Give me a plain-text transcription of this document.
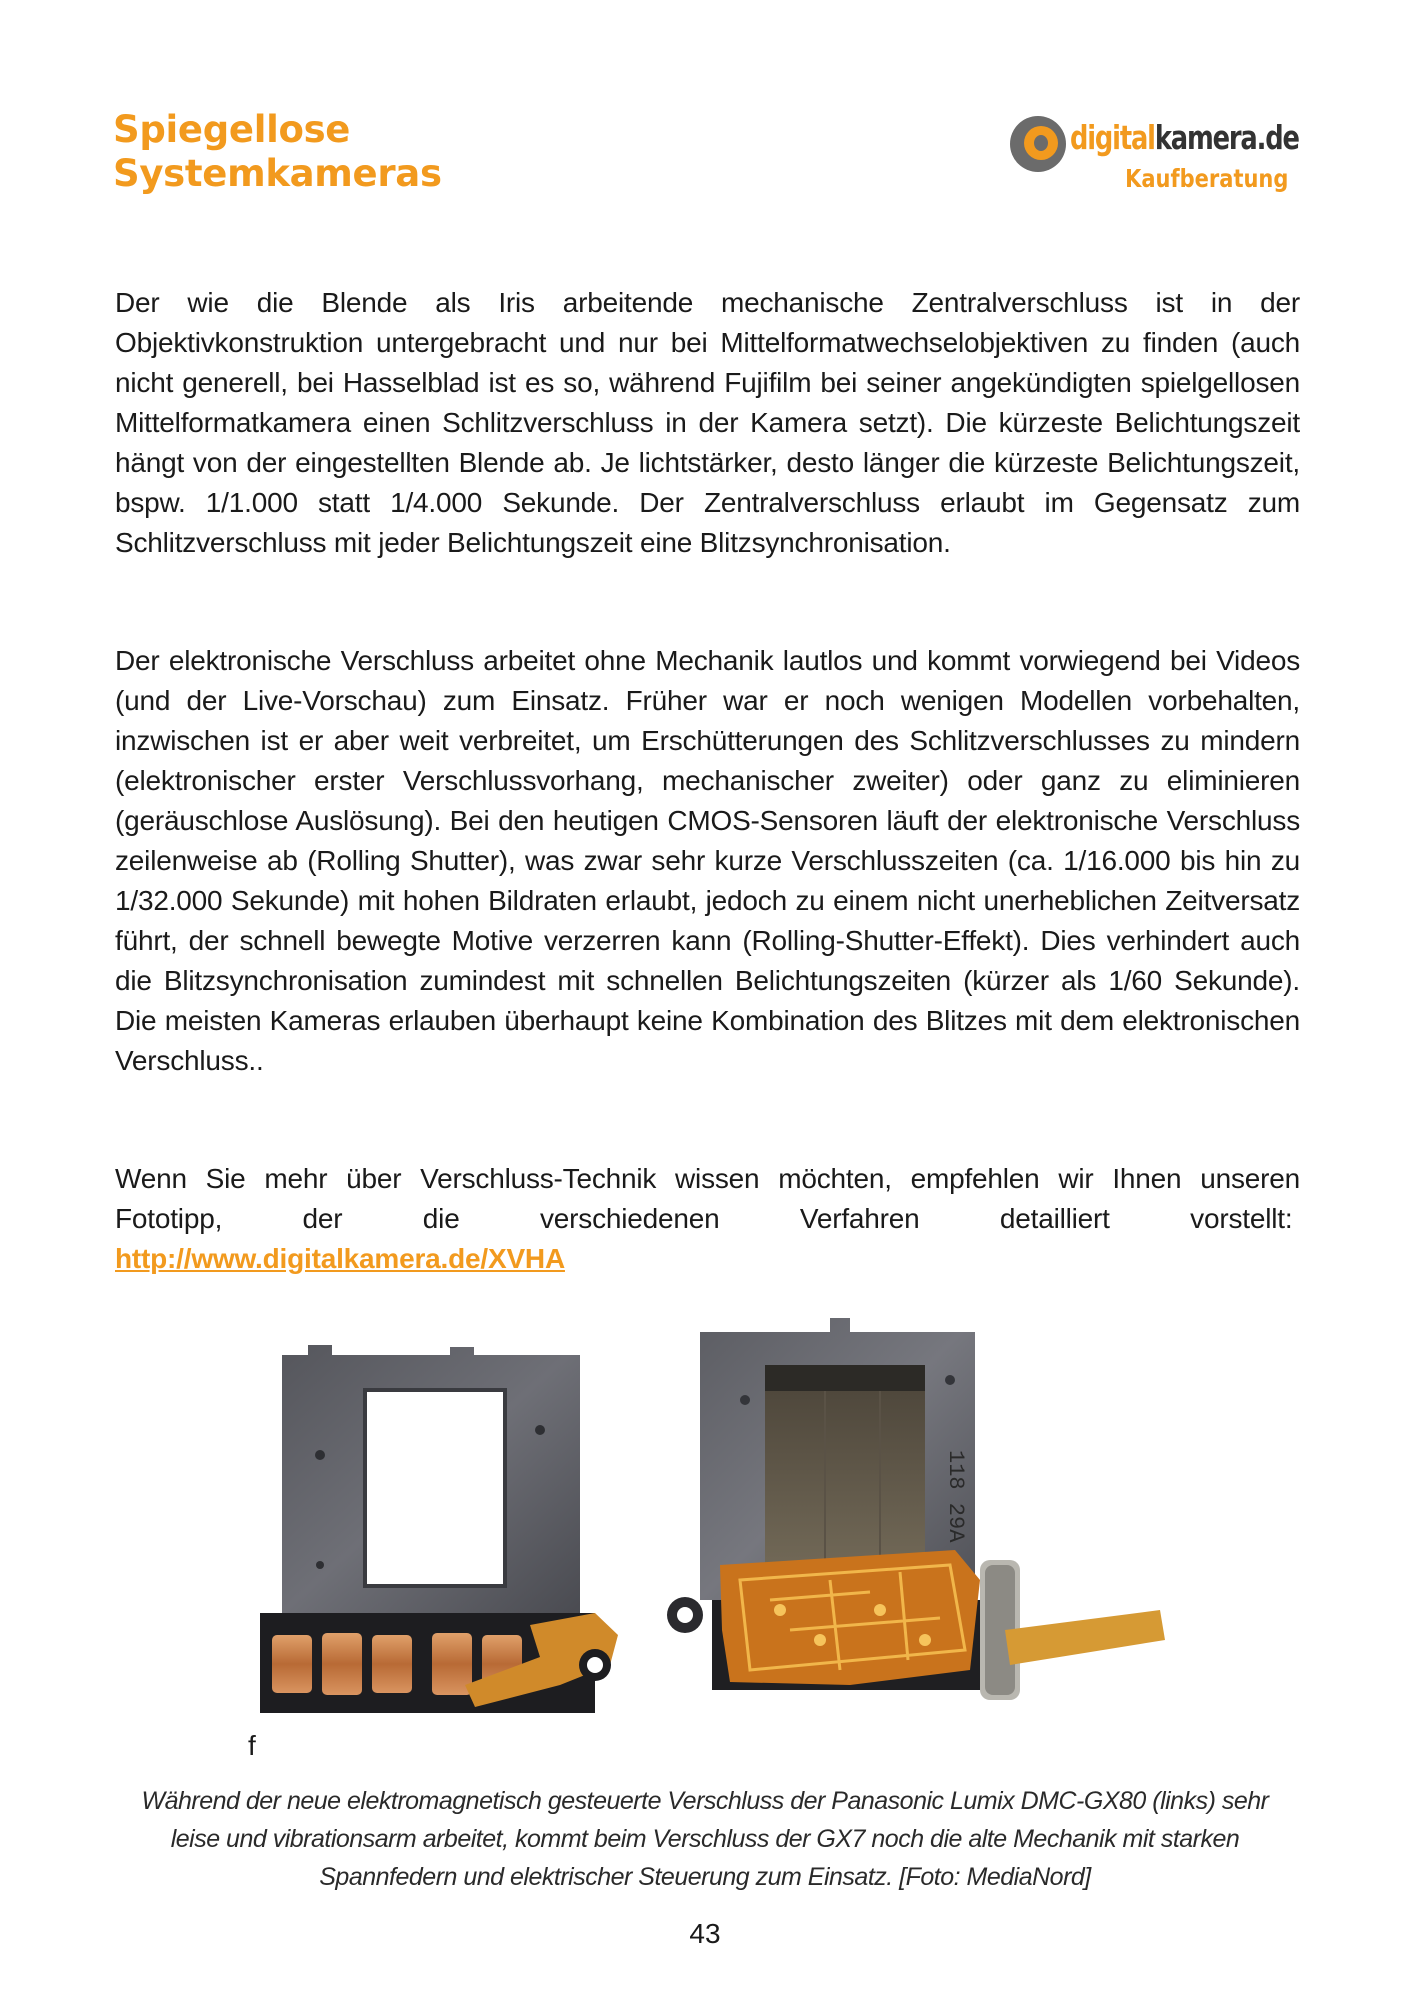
Spiegellose
Systemkameras
digitalkamera.de
Kaufberatung

Der wie die Blende als Iris arbeitende mechanische Zentralverschluss ist in der Objektivkonstruktion untergebracht und nur bei Mittelformatwechselobjektiven zu finden (auch nicht generell, bei Hasselblad ist es so, während Fujifilm bei seiner angekündigten spielgellosen Mittelformatkamera einen Schlitzverschluss in der Kamera setzt). Die kürzeste Belichtungszeit hängt von der eingestellten Blende ab. Je lichtstärker, desto länger die kürzeste Belichtungszeit, bspw. 1/1.000 statt 1/4.000 Sekunde. Der Zentralverschluss erlaubt im Gegensatz zum Schlitzverschluss mit jeder Belichtungszeit eine Blitzsynchronisation.

Der elektronische Verschluss arbeitet ohne Mechanik lautlos und kommt vorwiegend bei Videos (und der Live-Vorschau) zum Einsatz. Früher war er noch wenigen Modellen vorbehalten, inzwischen ist er aber weit verbreitet, um Erschütterungen des Schlitzverschlusses zu mindern (elektronischer erster Verschlussvorhang, mechanischer zweiter) oder ganz zu eliminieren (geräuschlose Auslösung). Bei den heutigen CMOS-Sensoren läuft der elektronische Verschluss zeilenweise ab (Rolling Shutter), was zwar sehr kurze Verschlusszeiten (ca. 1/16.000 bis hin zu 1/32.000 Sekunde) mit hohen Bildraten erlaubt, jedoch zu einem nicht unerheblichen Zeitversatz führt, der schnell bewegte Motive verzerren kann (Rolling-Shutter-Effekt). Dies verhindert auch die Blitzsynchronisation zumindest mit schnellen Belichtungszeiten (kürzer als 1/60 Sekunde). Die meisten Kameras erlauben überhaupt keine Kombination des Blitzes mit dem elektronischen Verschluss..

Wenn Sie mehr über Verschluss-Technik wissen möchten, empfehlen wir Ihnen unseren Fototipp, der die verschiedenen Verfahren detailliert vorstellt:  http://www.digitalkamera.de/XVHA

118 29A

f

Während der neue elektromagnetisch gesteuerte Verschluss der Panasonic Lumix DMC-GX80 (links) sehr leise und vibrationsarm arbeitet, kommt beim Verschluss der GX7 noch die alte Mechanik mit starken Spannfedern und elektrischer Steuerung zum Einsatz. [Foto: MediaNord]

43
